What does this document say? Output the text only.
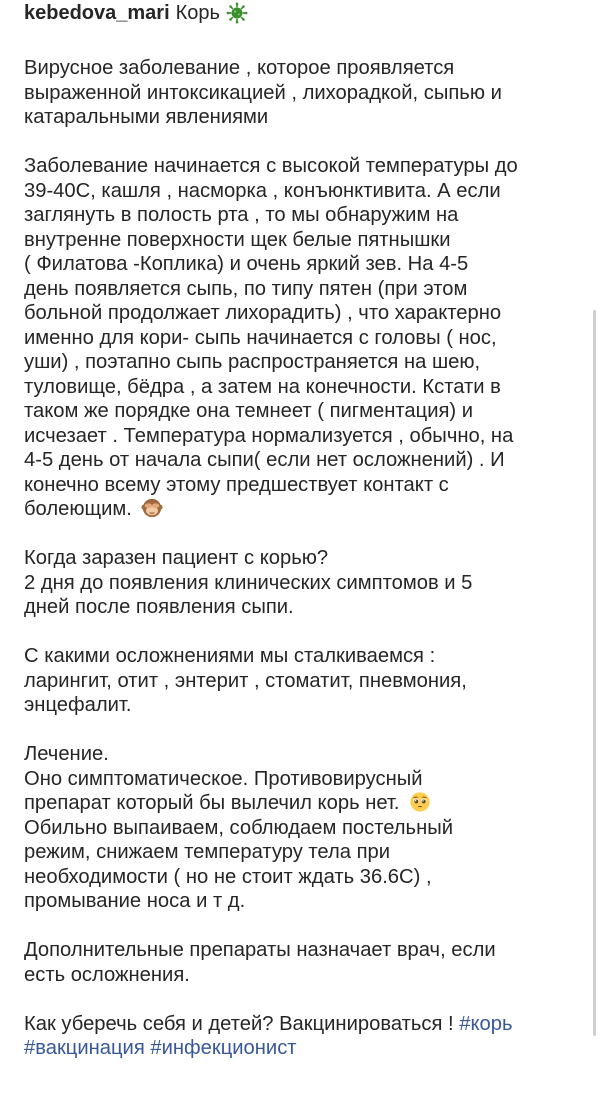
kebedova_mari Корь
Вирусное заболевание , которое проявляется
выраженной интоксикацией , лихорадкой, сыпью и
катаральными явлениями
Заболевание начинается с высокой температуры до
39-40С, кашля , насморка , конъюнктивита. А если
заглянуть в полость рта , то мы обнаружим на
внутренне поверхности щек белые пятнышки
( Филатова -Коплика) и очень яркий зев. На 4-5
день появляется сыпь, по типу пятен (при этом
больной продолжает лихорадить) , что характерно
именно для кори- сыпь начинается с головы ( нос,
уши) , поэтапно сыпь распространяется на шею,
туловище, бёдра , а затем на конечности. Кстати в
таком же порядке она темнеет ( пигментация) и
исчезает . Температура нормализуется , обычно, на
4-5 день от начала сыпи( если нет осложнений) . И
конечно всему этому предшествует контакт с
болеющим.
Когда заразен пациент с корью?
2 дня до появления клинических симптомов и 5
дней после появления сыпи.
С какими осложнениями мы сталкиваемся :
ларингит, отит , энтерит , стоматит, пневмония,
энцефалит.
Лечение.
Оно симптоматическое. Противовирусный
препарат который бы вылечил корь нет.
Обильно выпаиваем, соблюдаем постельный
режим, снижаем температуру тела при
необходимости ( но не стоит ждать 36.6С) ,
промывание носа и т д.
Дополнительные препараты назначает врач, если
есть осложнения.
Как уберечь себя и детей? Вакцинироваться ! #корь
#вакцинация #инфекционист
